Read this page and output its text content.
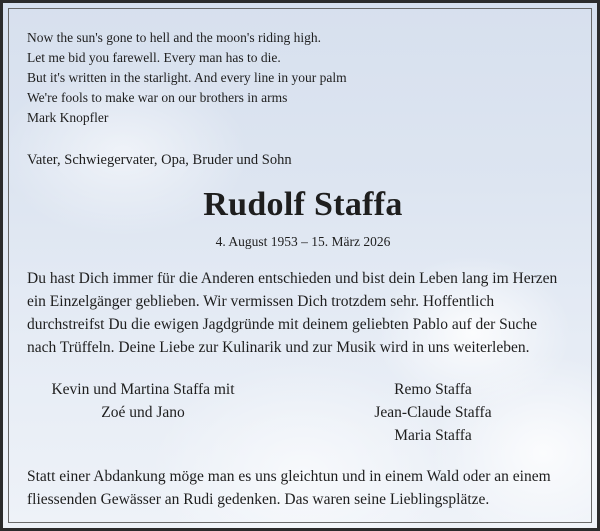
Now the sun's gone to hell and the moon's riding high.

Let me bid you farewell. Every man has to die.

But it's written in the starlight. And every line in your palm

We're fools to make war on our brothers in arms

Mark Knopfler

Vater, Schwiegervater, Opa, Bruder und Sohn

Rudolf Staffa

4. August 1953 – 15. März 2026

Du hast Dich immer für die Anderen entschieden und bist dein Leben lang im Herzen

ein Einzelgänger geblieben. Wir vermissen Dich trotzdem sehr. Hoffentlich

durchstreifst Du die ewigen Jagdgründe mit deinem geliebten Pablo auf der Suche

nach Trüffeln. Deine Liebe zur Kulinarik und zur Musik wird in uns weiterleben.

Kevin und Martina Staffa mit

Zoé und Jano

Remo Staffa

Jean-Claude Staffa

Maria Staffa

Statt einer Abdankung möge man es uns gleichtun und in einem Wald oder an einem

fliessenden Gewässer an Rudi gedenken. Das waren seine Lieblingsplätze.
